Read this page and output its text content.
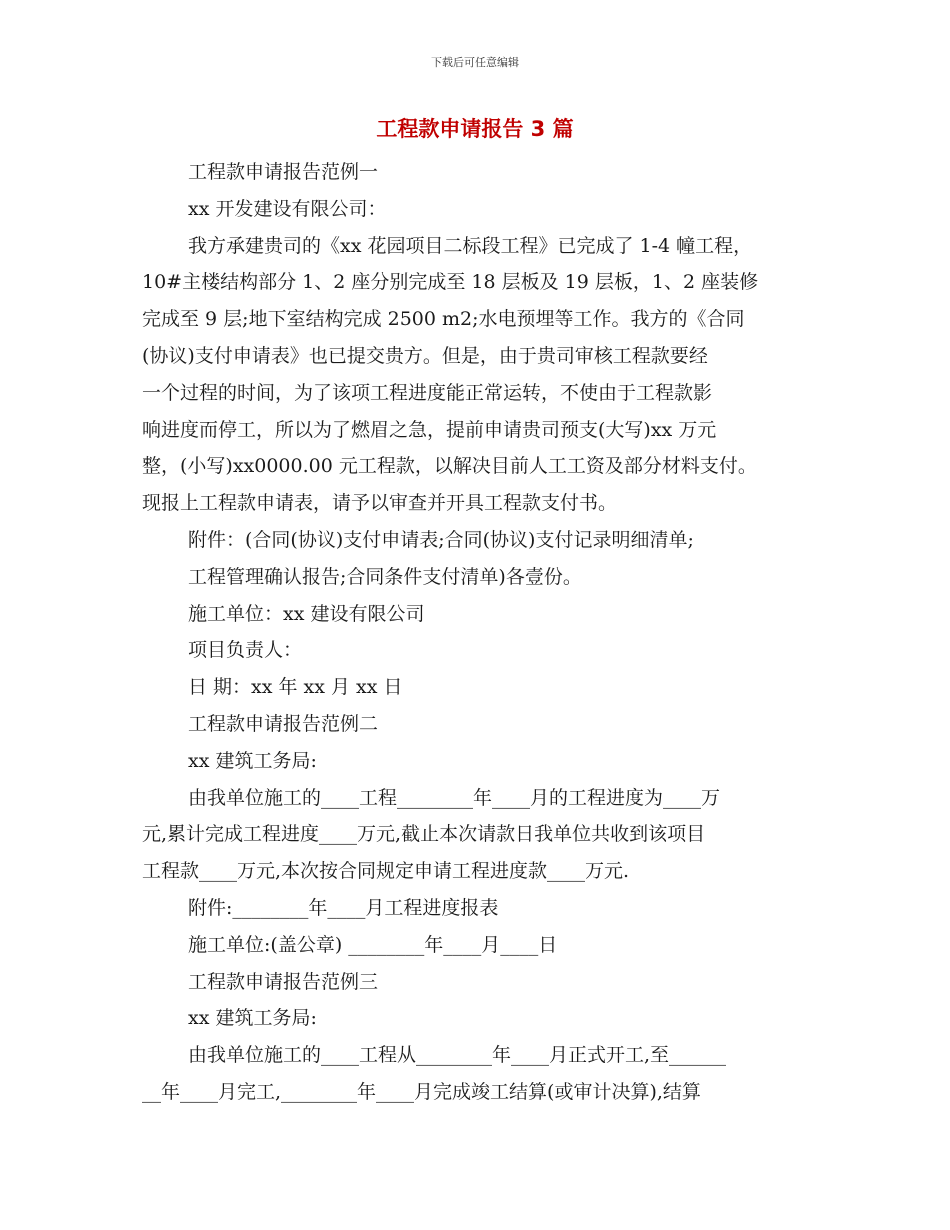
下载后可任意编辑
工程款申请报告 3 篇
工程款申请报告范例一
xx 开发建设有限公司：
我方承建贵司的《xx 花园项目二标段工程》已完成了 1-4 幢工程，
10#主楼结构部分 1、2 座分别完成至 18 层板及 19 层板，1、2 座装修
完成至 9 层;地下室结构完成 2500 m2;水电预埋等工作。我方的《合同
(协议)支付申请表》也已提交贵方。但是，由于贵司审核工程款要经
一个过程的时间，为了该项工程进度能正常运转，不使由于工程款影
响进度而停工，所以为了燃眉之急，提前申请贵司预支(大写)xx 万元
整，(小写)xx0000.00 元工程款，以解决目前人工工资及部分材料支付。
现报上工程款申请表，请予以审查并开具工程款支付书。
附件：(合同(协议)支付申请表;合同(协议)支付记录明细清单;
工程管理确认报告;合同条件支付清单)各壹份。
施工单位：xx 建设有限公司
项目负责人：
日 期：xx 年 xx 月 xx 日
工程款申请报告范例二
xx 建筑工务局:
由我单位施工的____工程________年____月的工程进度为____万
元,累计完成工程进度____万元,截止本次请款日我单位共收到该项目
工程款____万元,本次按合同规定申请工程进度款____万元.
附件:________年____月工程进度报表
施工单位:(盖公章) ________年____月____日
工程款申请报告范例三
xx 建筑工务局:
由我单位施工的____工程从________年____月正式开工,至______
__年____月完工,________年____月完成竣工结算(或审计决算),结算
